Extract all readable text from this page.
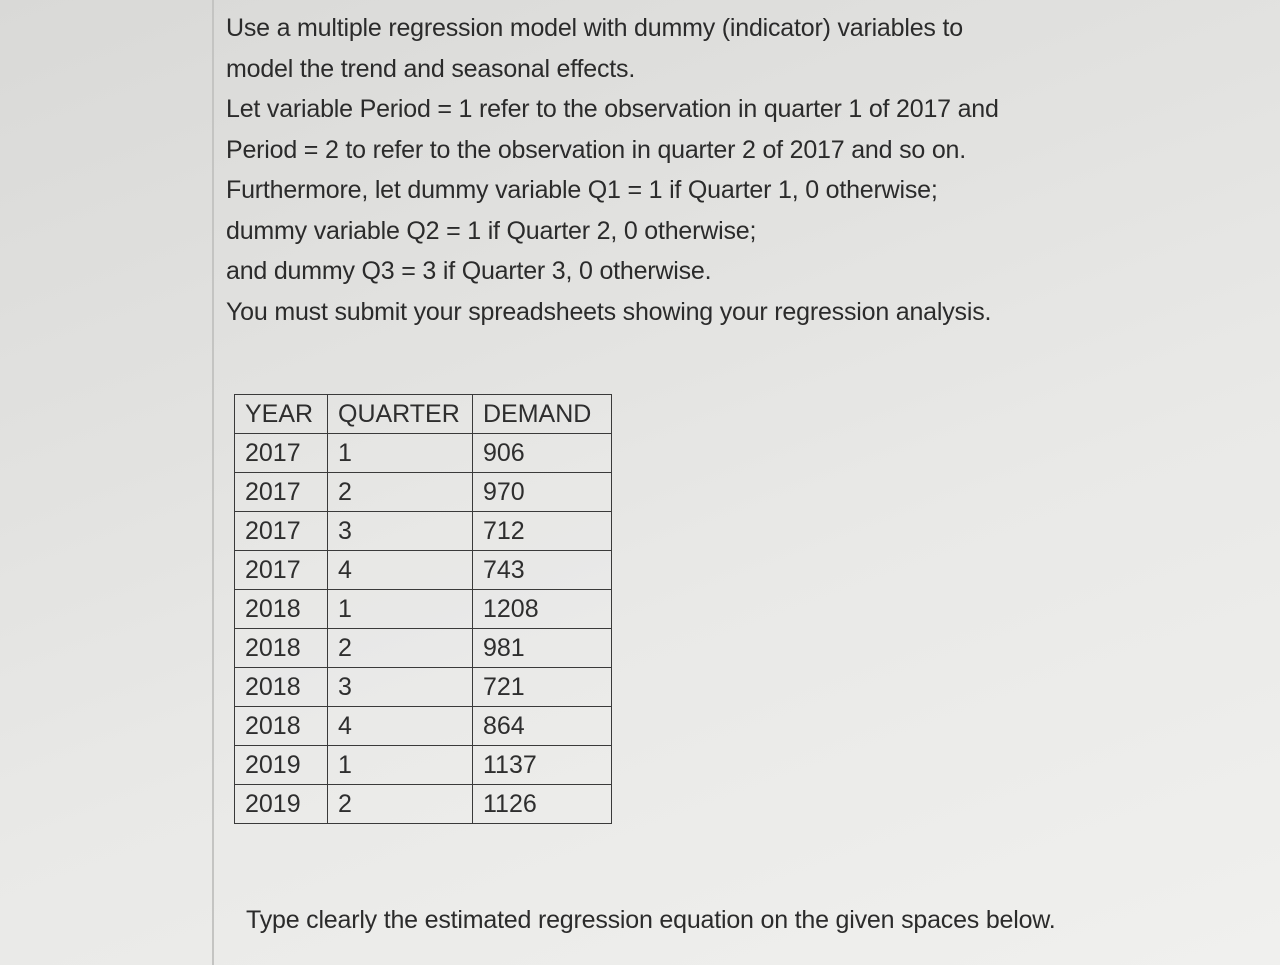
Use a multiple regression model with dummy (indicator) variables to
model the trend and seasonal effects.
Let variable Period = 1 refer to the observation in quarter 1 of 2017 and
Period = 2 to refer to the observation in quarter 2 of 2017 and so on.
Furthermore, let dummy variable Q1 = 1 if Quarter 1, 0 otherwise;
dummy variable Q2 = 1 if Quarter 2, 0 otherwise;
and dummy Q3 = 3 if Quarter 3, 0 otherwise.
You must submit your spreadsheets showing your regression analysis.
YEAR	QUARTER	DEMAND
2017	1	906
2017	2	970
2017	3	712
2017	4	743
2018	1	1208
2018	2	981
2018	3	721
2018	4	864
2019	1	1137
2019	2	1126
Type clearly the estimated regression equation on the given spaces below.
